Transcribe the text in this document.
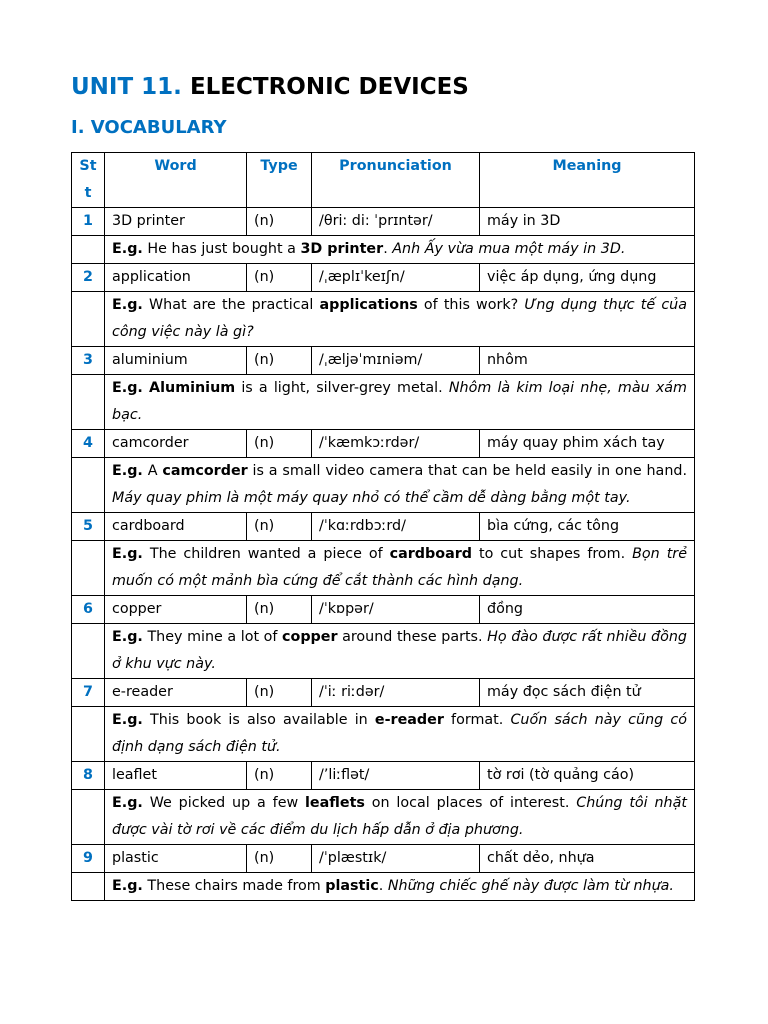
UNIT 11. ELECTRONIC DEVICES
I. VOCABULARY
St t	Word	Type	Pronunciation	Meaning
1	3D printer	(n)	/θri: di: ˈprɪntər/	máy in 3D
	E.g. He has just bought a 3D printer. Anh Ấy vừa mua một máy in 3D.			
2	application	(n)	/ˌæplɪˈkeɪʃn/	việc áp dụng, ứng dụng
	E.g. What are the practical applications of this work? Ưng dụng thực tế của công việc này là gì?			
3	aluminium	(n)	/ˌæljəˈmɪniəm/	nhôm
	E.g. Aluminium is a light, silver-grey metal. Nhôm là kim loại nhẹ, màu xám bạc.			
4	camcorder	(n)	/ˈkæmkɔːrdər/	máy quay phim xách tay
	E.g. A camcorder is a small video camera that can be held easily in one hand. Máy quay phim là một máy quay nhỏ có thể cầm dễ dàng bằng một tay.			
5	cardboard	(n)	/ˈkɑːrdbɔːrd/	bìa cứng, các tông
	E.g. The children wanted a piece of cardboard to cut shapes from. Bọn trẻ muốn có một mảnh bìa cứng để cắt thành các hình dạng.			
6	copper	(n)	/ˈkɒpər/	đồng
	E.g. They mine a lot of copper around these parts. Họ đào được rất nhiều đồng ở khu vực này.			
7	e-reader	(n)	/ˈiː riːdər/	máy đọc sách điện tử
	E.g. This book is also available in e-reader format. Cuốn sách này cũng có định dạng sách điện tử.			
8	leaflet	(n)	/’liːflət/	tờ rơi (tờ quảng cáo)
	E.g. We picked up a few leaflets on local places of interest. Chúng tôi nhặt được vài tờ rơi về các điểm du lịch hấp dẫn ở địa phương.			
9	plastic	(n)	/ˈplæstɪk/	chất dẻo, nhựa
	E.g. These chairs made from plastic. Những chiếc ghế này được làm từ nhựa.			
